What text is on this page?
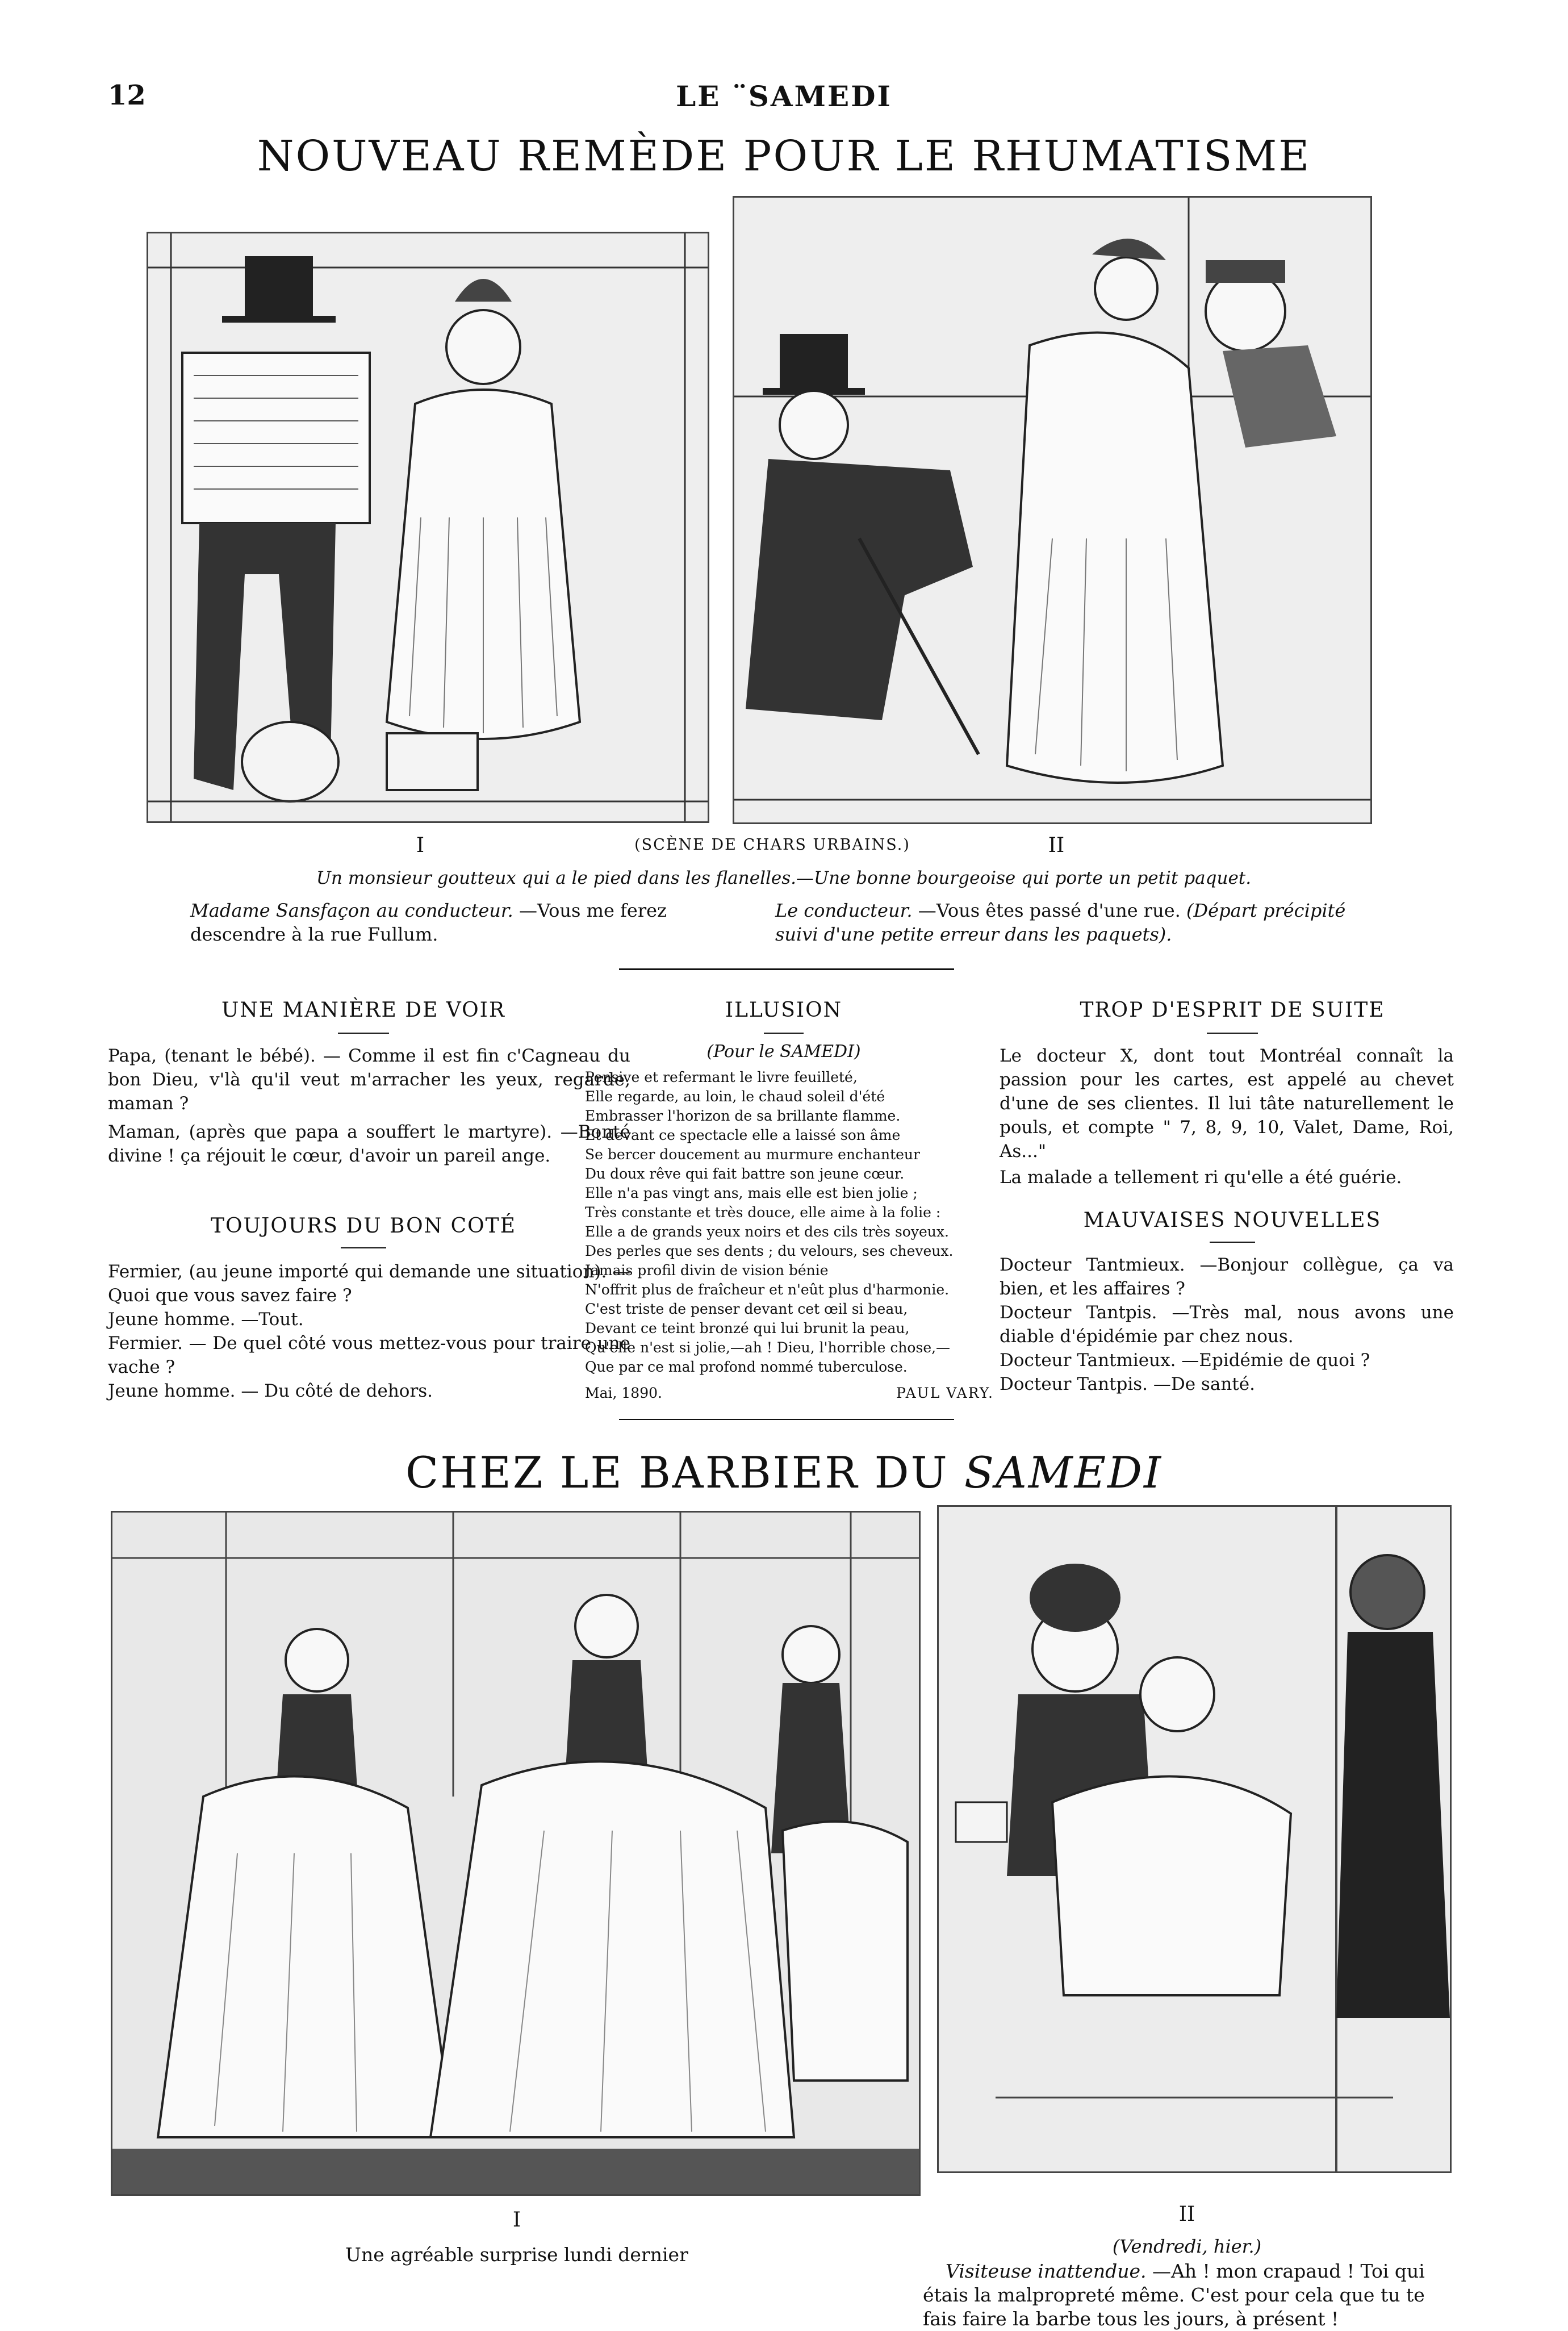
12	LE ¨SAMEDI
NOUVEAU REMÈDE POUR LE RHUMATISME
I	(SCÈNE DE CHARS URBAINS.)	II
Un monsieur goutteux qui a le pied dans les flanelles.—Une bonne bourgeoise qui porte un petit paquet.
Madame Sansfaçon au conducteur. —Vous me ferez descendre à la rue Fullum.
Le conducteur. —Vous êtes passé d'une rue. (Départ précipité suivi d'une petite erreur dans les paquets).
UNE MANIÈRE DE VOIR
Papa, (tenant le bébé). — Comme il est fin c'Cagneau du bon Dieu, v'là qu'il veut m'arracher les yeux, regarde, maman ?
Maman, (après que papa a souffert le martyre). —Bonté divine ! ça réjouit le cœur, d'avoir un pareil ange.
TOUJOURS DU BON COTÉ
Fermier, (au jeune importé qui demande une situation). —Quoi que vous savez faire ?
Jeune homme. —Tout.
Fermier. — De quel côté vous mettez-vous pour traire une vache ?
Jeune homme. — Du côté de dehors.
ILLUSION
(Pour le SAMEDI)
Pensive et refermant le livre feuilleté,
Elle regarde, au loin, le chaud soleil d'été
Embrasser l'horizon de sa brillante flamme.
Et devant ce spectacle elle a laissé son âme
Se bercer doucement au murmure enchanteur
Du doux rêve qui fait battre son jeune cœur.
Elle n'a pas vingt ans, mais elle est bien jolie ;
Très constante et très douce, elle aime à la folie :
Elle a de grands yeux noirs et des cils très soyeux.
Des perles que ses dents ; du velours, ses cheveux.
Jamais profil divin de vision bénie
N'offrit plus de fraîcheur et n'eût plus d'harmonie.
C'est triste de penser devant cet œil si beau,
Devant ce teint bronzé qui lui brunit la peau,
Qu'elle n'est si jolie,—ah ! Dieu, l'horrible chose,—
Que par ce mal profond nommé tuberculose.
Mai, 1890.	PAUL VARY.
TROP D'ESPRIT DE SUITE
Le docteur X, dont tout Montréal connaît la passion pour les cartes, est appelé au chevet d'une de ses clientes. Il lui tâte naturellement le pouls, et compte " 7, 8, 9, 10, Valet, Dame, Roi, As..."
La malade a tellement ri qu'elle a été guérie.
MAUVAISES NOUVELLES
Docteur Tantmieux. —Bonjour collègue, ça va bien, et les affaires ?
Docteur Tantpis. —Très mal, nous avons une diable d'épidémie par chez nous.
Docteur Tantmieux. —Epidémie de quoi ?
Docteur Tantpis. —De santé.
CHEZ LE BARBIER DU SAMEDI
I
Une agréable surprise lundi dernier
II
(Vendredi, hier.)
Visiteuse inattendue. —Ah ! mon crapaud ! Toi qui étais la malpropreté même. C'est pour cela que tu te fais faire la barbe tous les jours, à présent !
